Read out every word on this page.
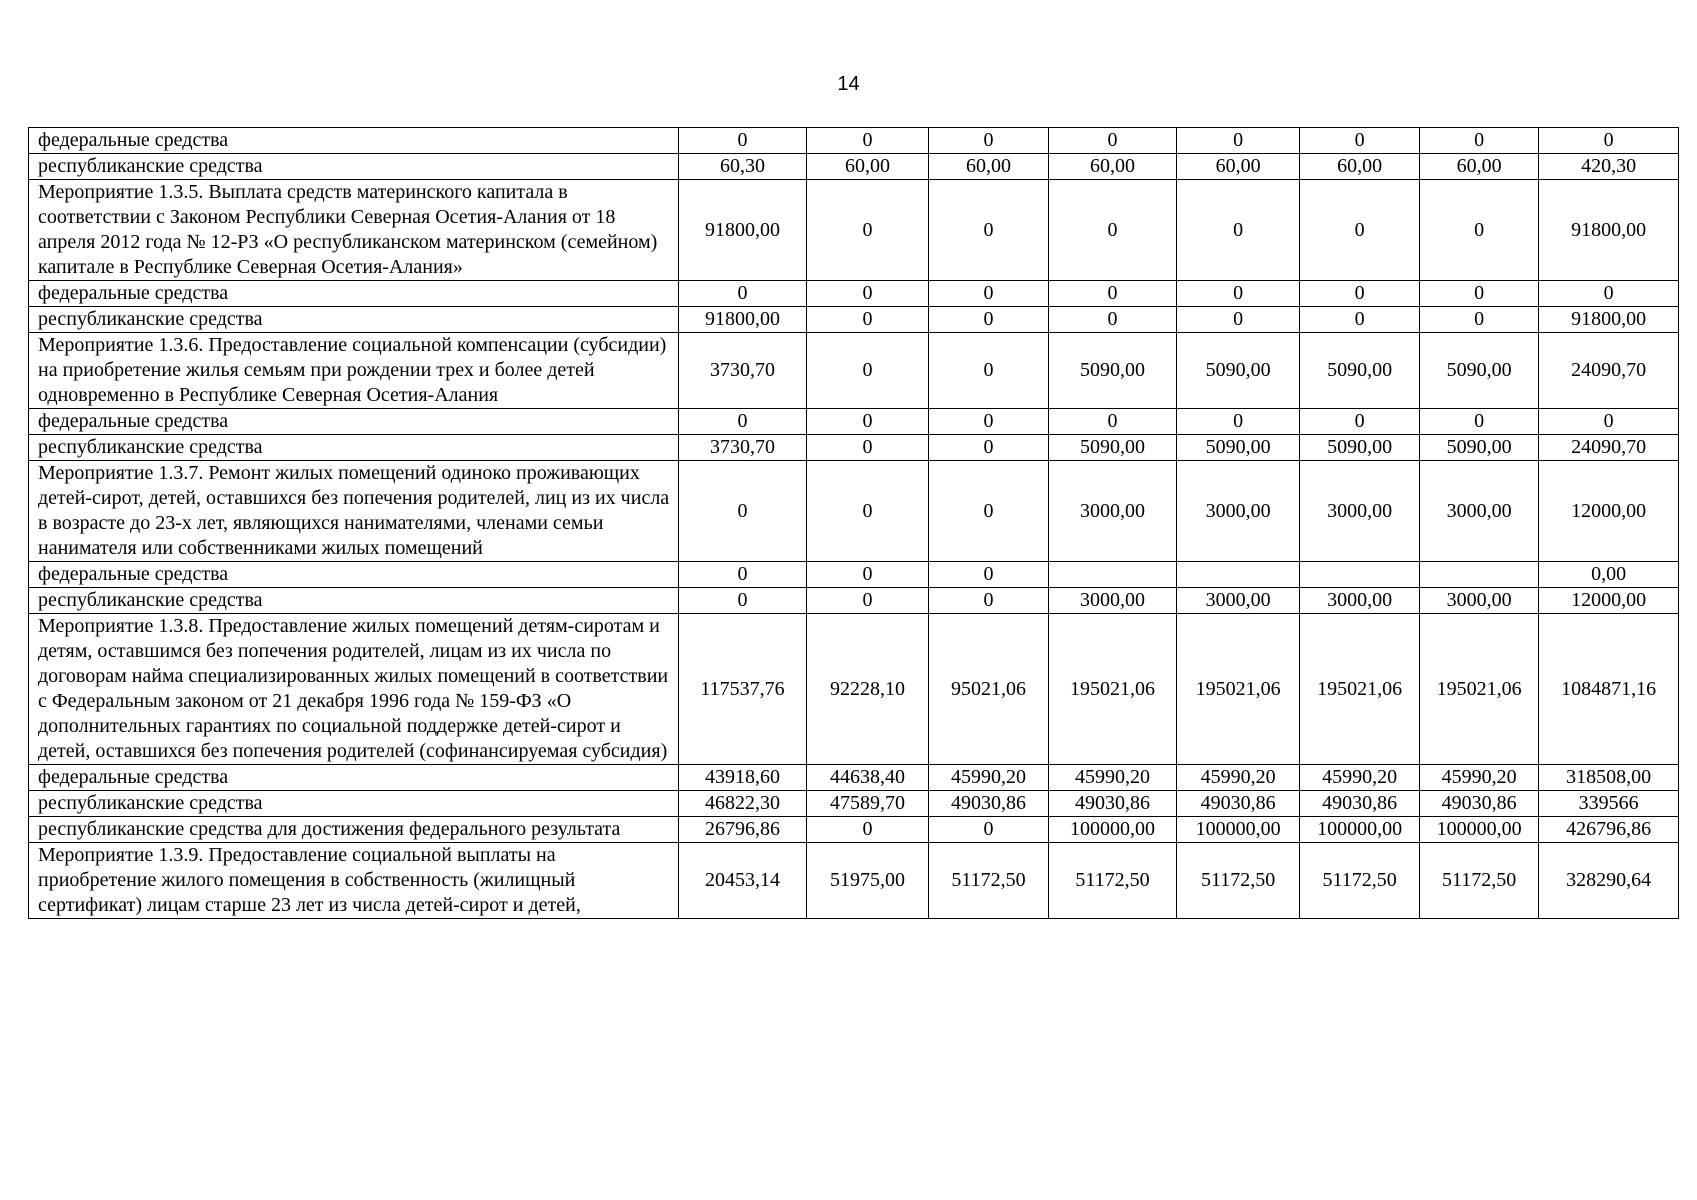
14
федеральные средства	0	0	0	0	0	0	0	0
республиканские средства	60,30	60,00	60,00	60,00	60,00	60,00	60,00	420,30
Мероприятие 1.3.5. Выплата средств материнского капитала в соответствии с Законом Республики Северная Осетия-Алания от 18 апреля 2012 года № 12-РЗ «О республиканском материнском (семейном) капитале в Республике Северная Осетия-Алания»	91800,00	0	0	0	0	0	0	91800,00
федеральные средства	0	0	0	0	0	0	0	0
республиканские средства	91800,00	0	0	0	0	0	0	91800,00
Мероприятие 1.3.6. Предоставление социальной компенсации (субсидии) на приобретение жилья семьям при рождении трех и более детей одновременно в Республике Северная Осетия-Алания	3730,70	0	0	5090,00	5090,00	5090,00	5090,00	24090,70
федеральные средства	0	0	0	0	0	0	0	0
республиканские средства	3730,70	0	0	5090,00	5090,00	5090,00	5090,00	24090,70
Мероприятие 1.3.7. Ремонт жилых помещений одиноко проживающих детей-сирот, детей, оставшихся без попечения родителей, лиц из их числа в возрасте до 23-х лет, являющихся нанимателями, членами семьи нанимателя или собственниками жилых помещений	0	0	0	3000,00	3000,00	3000,00	3000,00	12000,00
федеральные средства	0	0	0					0,00
республиканские средства	0	0	0	3000,00	3000,00	3000,00	3000,00	12000,00
Мероприятие 1.3.8. Предоставление жилых помещений детям-сиротам и детям, оставшимся без попечения родителей, лицам из их числа по договорам найма специализированных жилых помещений в соответствии с Федеральным законом от 21 декабря 1996 года № 159-ФЗ «О дополнительных гарантиях по социальной поддержке детей-сирот и детей, оставшихся без попечения родителей (софинансируемая субсидия)	117537,76	92228,10	95021,06	195021,06	195021,06	195021,06	195021,06	1084871,16
федеральные средства	43918,60	44638,40	45990,20	45990,20	45990,20	45990,20	45990,20	318508,00
республиканские средства	46822,30	47589,70	49030,86	49030,86	49030,86	49030,86	49030,86	339566
республиканские средства для достижения федерального результата	26796,86	0	0	100000,00	100000,00	100000,00	100000,00	426796,86
Мероприятие 1.3.9. Предоставление социальной выплаты на приобретение жилого помещения в собственность (жилищный сертификат) лицам старше 23 лет из числа детей-сирот и детей,	20453,14	51975,00	51172,50	51172,50	51172,50	51172,50	51172,50	328290,64
